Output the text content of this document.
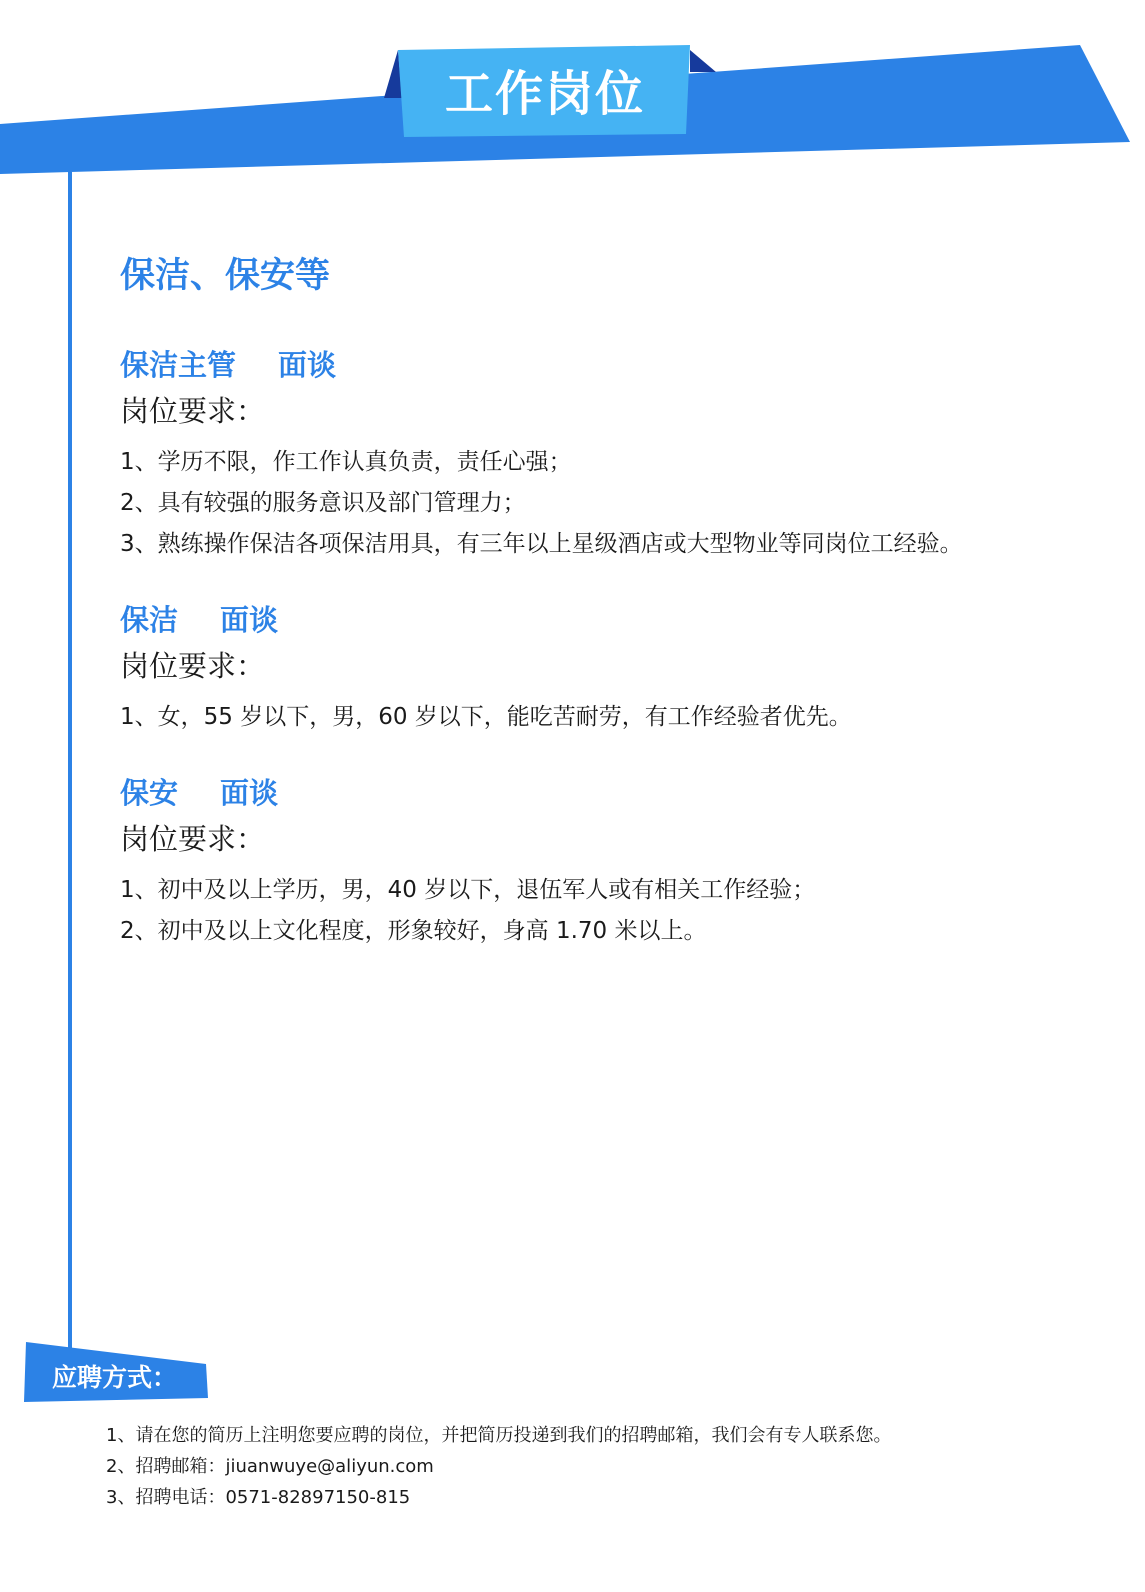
工作岗位
保洁、保安等
保洁主管 面谈
岗位要求：
1、学历不限，作工作认真负责，责任心强；
2、具有较强的服务意识及部门管理力；
3、熟练操作保洁各项保洁用具，有三年以上星级酒店或大型物业等同岗位工经验。
保洁 面谈
岗位要求：
1、女，55 岁以下，男，60 岁以下，能吃苦耐劳，有工作经验者优先。
保安 面谈
岗位要求：
1、初中及以上学历，男，40 岁以下，退伍军人或有相关工作经验；
2、初中及以上文化程度，形象较好，身高 1.70 米以上。
应聘方式：
1、请在您的简历上注明您要应聘的岗位，并把简历投递到我们的招聘邮箱，我们会有专人联系您。
2、招聘邮箱：jiuanwuye@aliyun.com
3、招聘电话：0571-82897150-815
